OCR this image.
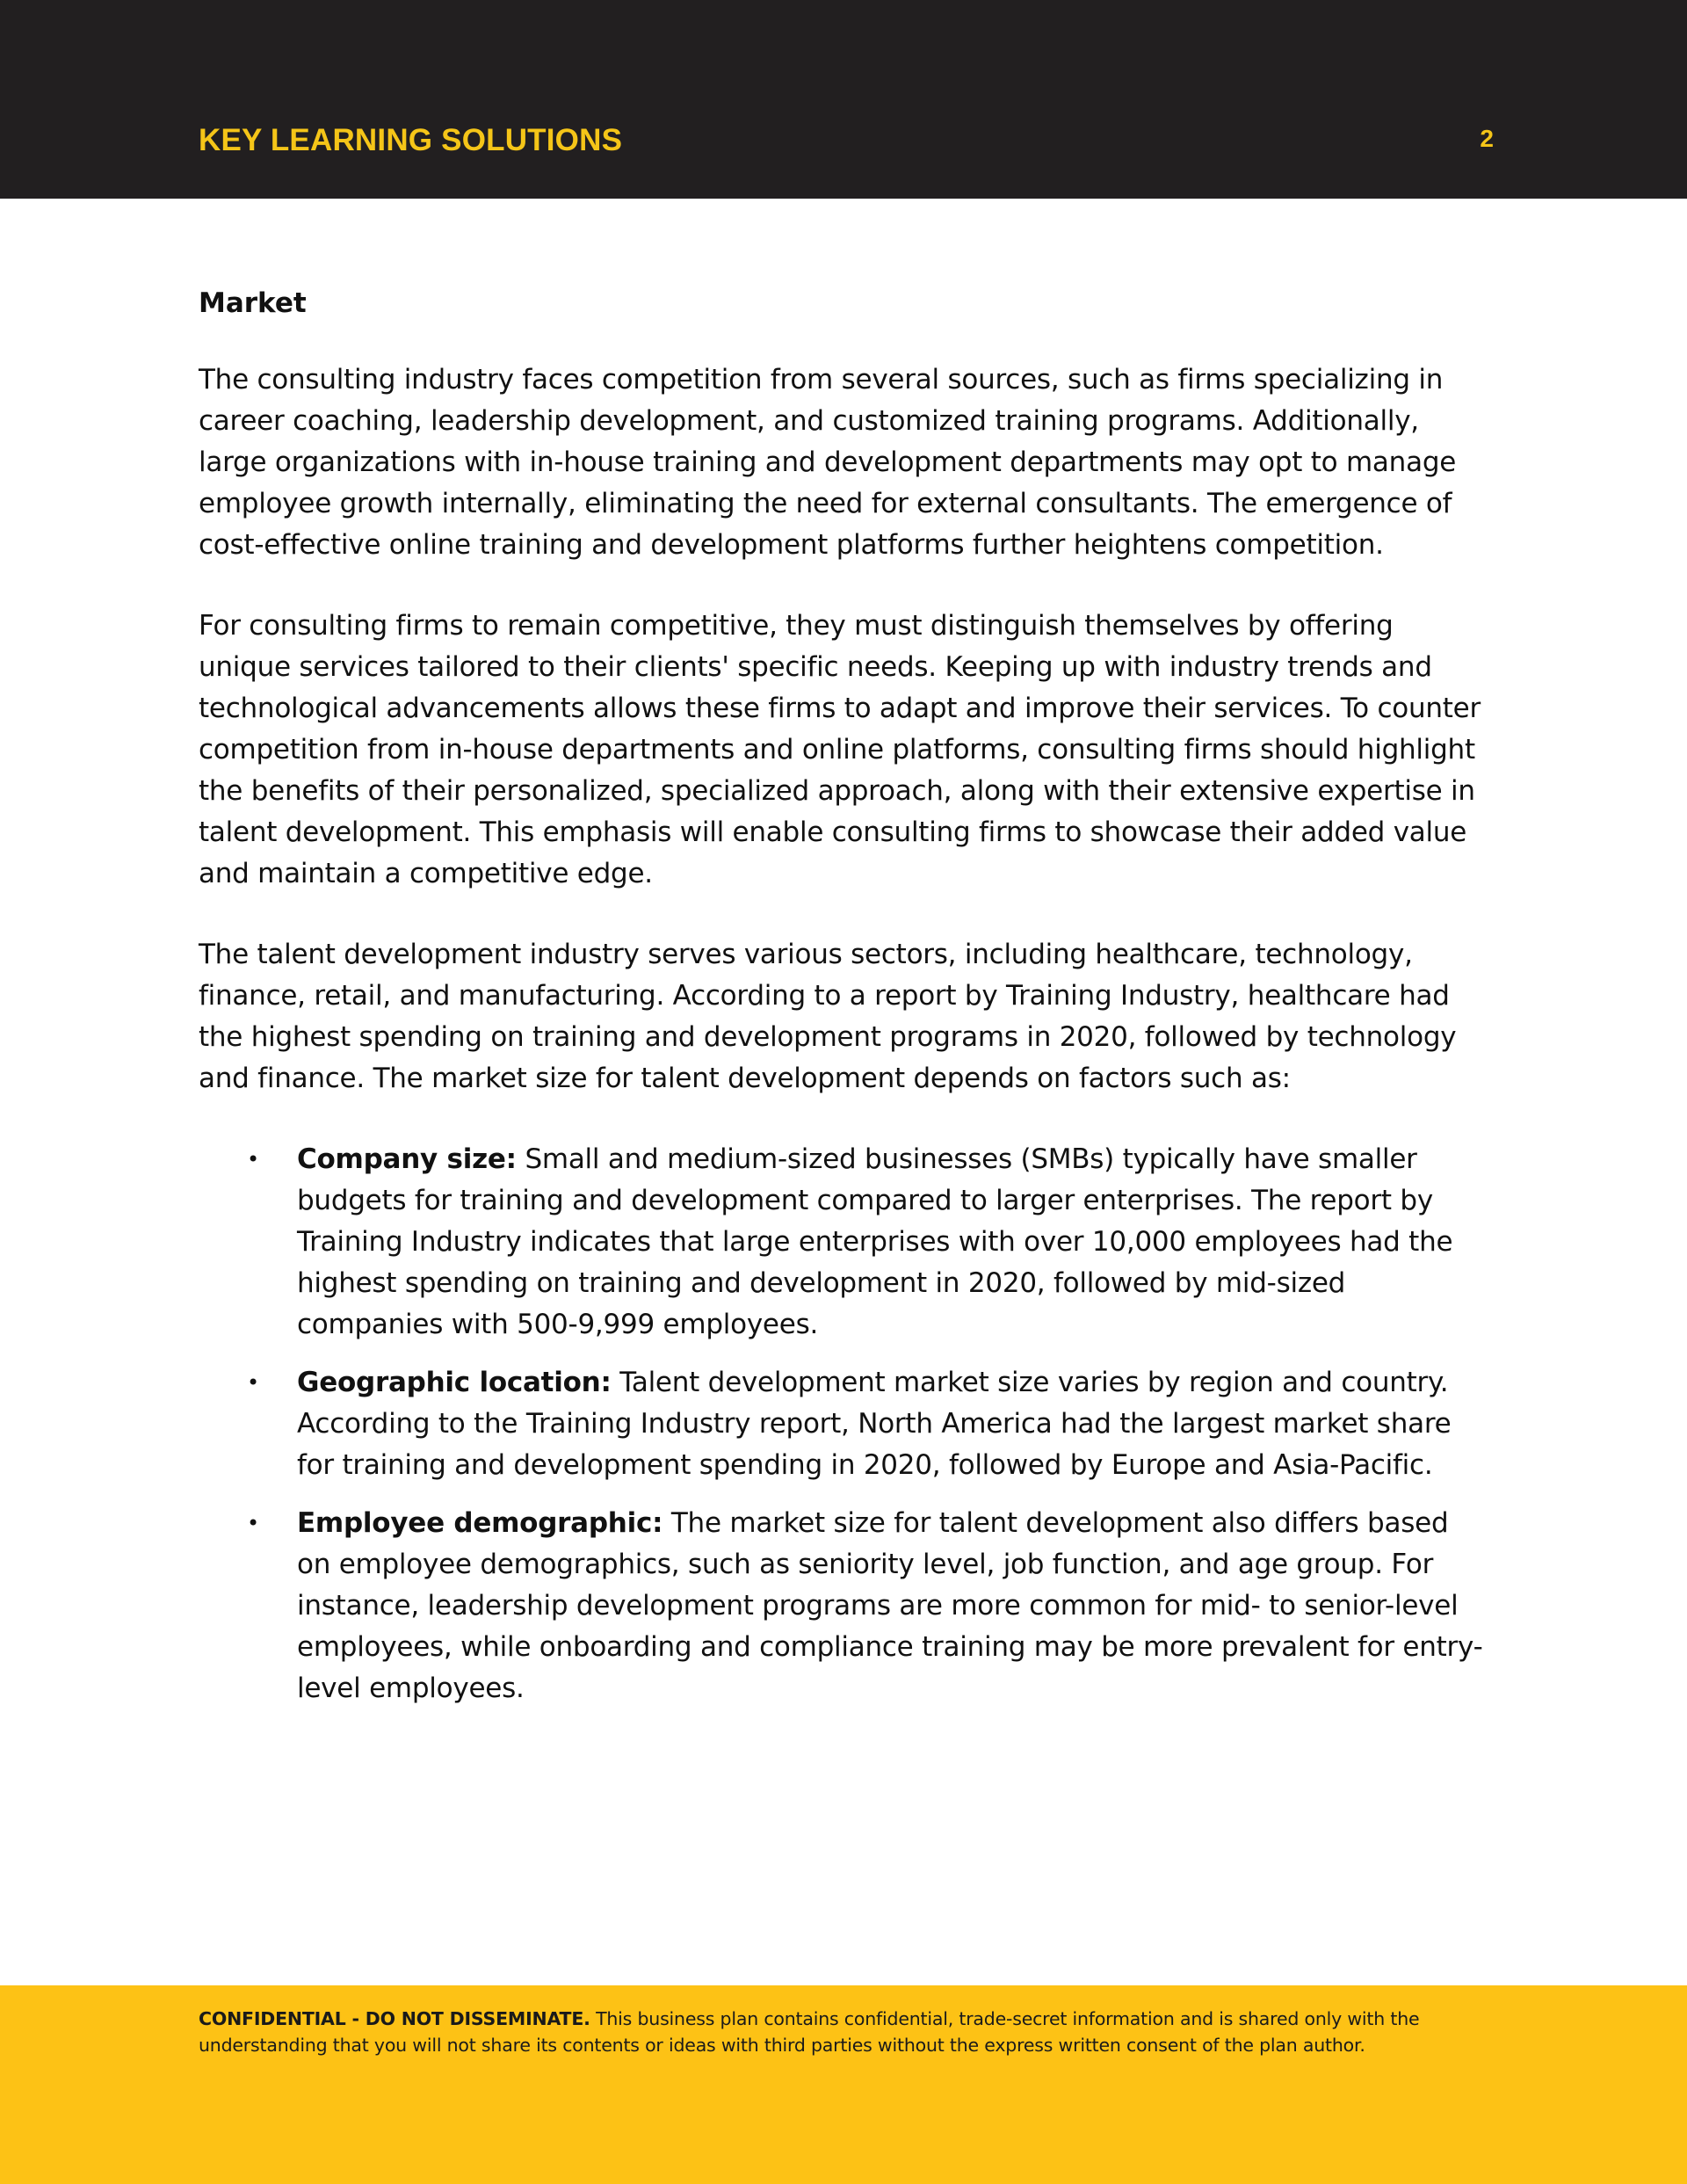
KEY LEARNING SOLUTIONS	2
Market

The consulting industry faces competition from several sources, such as firms specializing in career coaching, leadership development, and customized training programs. Additionally, large organizations with in-house training and development departments may opt to manage employee growth internally, eliminating the need for external consultants. The emergence of cost-effective online training and development platforms further heightens competition.

For consulting firms to remain competitive, they must distinguish themselves by offering unique services tailored to their clients' specific needs. Keeping up with industry trends and technological advancements allows these firms to adapt and improve their services. To counter competition from in-house departments and online platforms, consulting firms should highlight the benefits of their personalized, specialized approach, along with their extensive expertise in talent development. This emphasis will enable consulting firms to showcase their added value and maintain a competitive edge.

The talent development industry serves various sectors, including healthcare, technology, finance, retail, and manufacturing. According to a report by Training Industry, healthcare had the highest spending on training and development programs in 2020, followed by technology and finance. The market size for talent development depends on factors such as:

• Company size: Small and medium-sized businesses (SMBs) typically have smaller budgets for training and development compared to larger enterprises. The report by Training Industry indicates that large enterprises with over 10,000 employees had the highest spending on training and development in 2020, followed by mid-sized companies with 500-9,999 employees.
• Geographic location: Talent development market size varies by region and country. According to the Training Industry report, North America had the largest market share for training and development spending in 2020, followed by Europe and Asia-Pacific.
• Employee demographic: The market size for talent development also differs based on employee demographics, such as seniority level, job function, and age group. For instance, leadership development programs are more common for mid- to senior-level employees, while onboarding and compliance training may be more prevalent for entry-level employees.
CONFIDENTIAL - DO NOT DISSEMINATE. This business plan contains confidential, trade-secret information and is shared only with the understanding that you will not share its contents or ideas with third parties without the express written consent of the plan author.
